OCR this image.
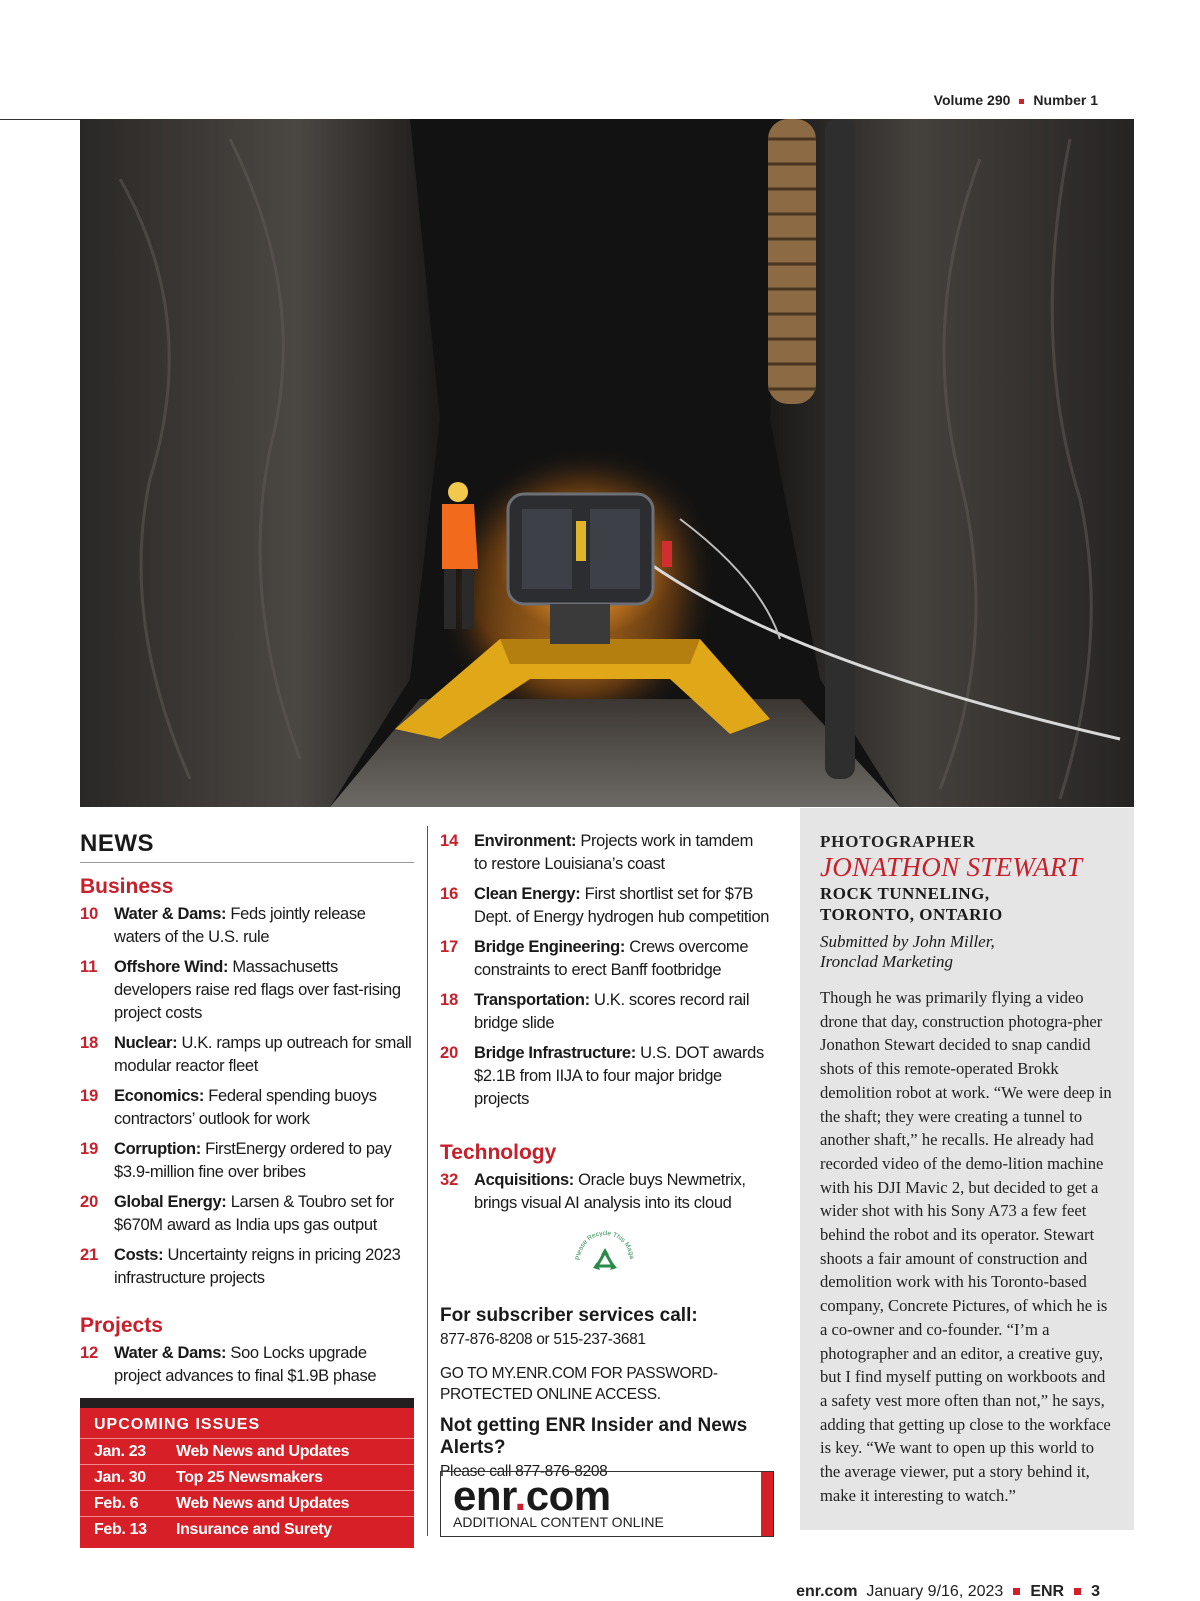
Volume 290 Number 1
NEWS
Business
10 Water & Dams: Feds jointly release waters of the U.S. rule
11	Offshore Wind: Massachusetts developers raise red flags over fast-rising project costs
18 Nuclear: U.K. ramps up outreach for small modular reactor fleet
19 Economics: Federal spending buoys contractors’ outlook for work
19 Corruption: FirstEnergy ordered to pay $3.9-million fine over bribes
20 Global Energy: Larsen & Toubro set for $670M award as India ups gas output
21 Costs: Uncertainty reigns in pricing 2023 infrastructure projects
Projects
12 Water & Dams: Soo Locks upgrade project advances to final $1.9B phase
14 Environment: Projects work in tamdem to restore Louisiana’s coast
16 Clean Energy: First shortlist set for $7B Dept. of Energy hydrogen hub competition
17 Bridge Engineering: Crews overcome constraints to erect Banff footbridge
18 Transportation: U.K. scores record rail bridge slide
20 Bridge Infrastructure: U.S. DOT awards $2.1B from IIJA to four major bridge projects
Technology
32 Acquisitions: Oracle buys Newmetrix, brings visual AI analysis into its cloud
Please Recycle This Maga
For subscriber services call:
877-876-8208 or 515-237-3681
GO TO MY.ENR.COM FOR PASSWORD-PROTECTED ONLINE ACCESS.
Not getting ENR Insider and News Alerts?
Please call 877-876-8208
enr.com
ADDITIONAL CONTENT ONLINE
UPCOMING ISSUES
Jan. 23	Web News and Updates
Jan. 30	Top 25 Newsmakers
Feb. 6	Web News and Updates
Feb. 13	Insurance and Surety
PHOTOGRAPHER
JONATHON STEWART
ROCK TUNNELING,
TORONTO, ONTARIO
Submitted by John Miller,
Ironclad Marketing
Though he was primarily flying a video drone that day, construction photogra-pher Jonathon Stewart decided to snap candid shots of this remote-operated Brokk demolition robot at work. “We were deep in the shaft; they were creating a tunnel to another shaft,” he recalls. He already had recorded video of the demo-lition machine with his DJI Mavic 2, but decided to get a wider shot with his Sony A73 a few feet behind the robot and its operator. Stewart shoots a fair amount of construction and demolition work with his Toronto-based company, Concrete Pictures, of which he is a co-owner and co-founder. “I’m a photographer and an editor, a creative guy, but I find myself putting on workboots and a safety vest more often than not,” he says, adding that getting up close to the workface is key. “We want to open up this world to the average viewer, put a story behind it, make it interesting to watch.”
enr.com January 9/16, 2023 ENR 3
